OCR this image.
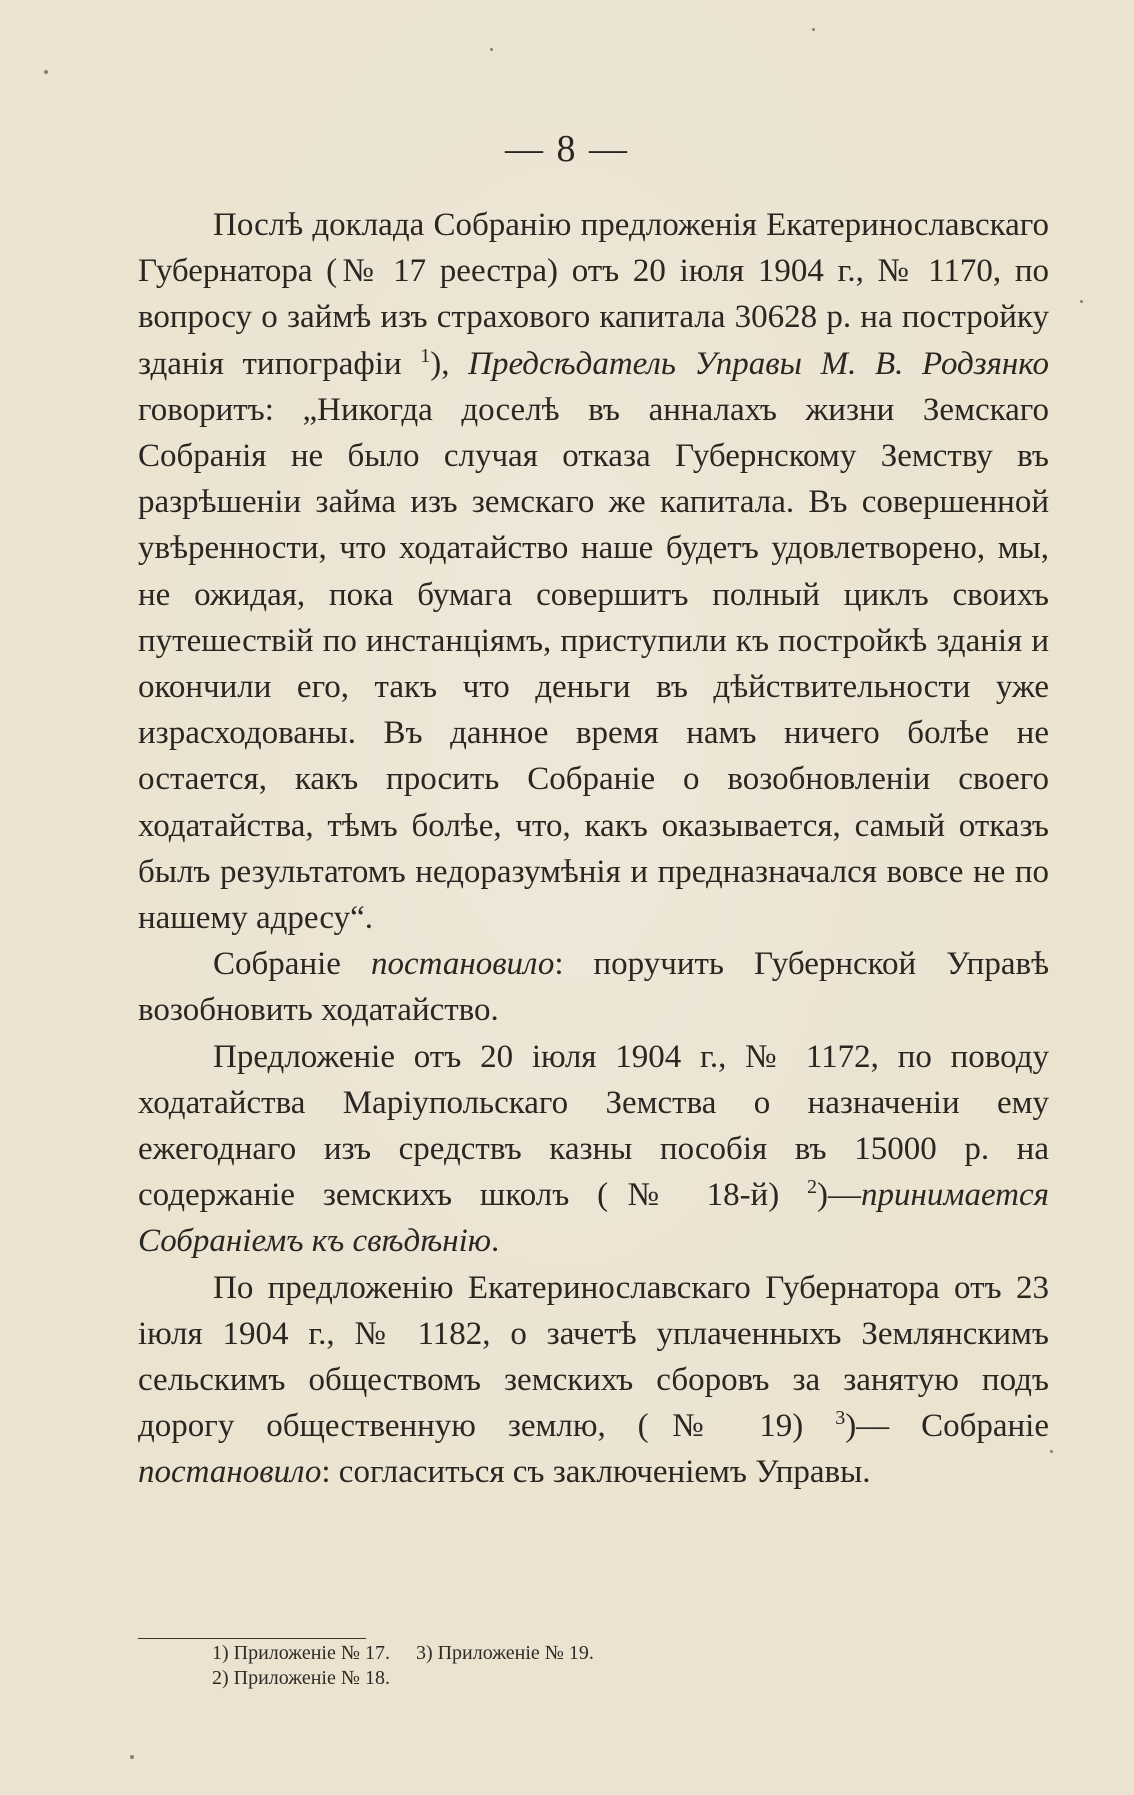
— 8 —

Послѣ доклада Собранію предложенія Екатеринославскаго Губернатора (№ 17 реестра) отъ 20 іюля 1904 г., № 1170, по вопросу о займѣ изъ страхового капитала 30628 р. на постройку зданія типографіи $^1$), Предсѣдатель Управы М. В. Родзянко говоритъ: „Никогда доселѣ въ анналахъ жизни Земскаго Собранія не было случая отказа Губернскому Земству въ разрѣшеніи займа изъ земскаго же капитала. Въ совершенной увѣренности, что ходатайство наше будетъ удовлетворено, мы, не ожидая, пока бумага совершитъ полный циклъ своихъ путешествій по инстанціямъ, приступили къ постройкѣ зданія и окончили его, такъ что деньги въ дѣйствительности уже израсходованы. Въ данное время намъ ничего болѣе не остается, какъ просить Собраніе о возобновленіи своего ходатайства, тѣмъ болѣе, что, какъ оказывается, самый отказъ былъ результатомъ недоразумѣнія и предназначался вовсе не по нашему адресу“.

Собраніе постановило: поручить Губернской Управѣ возобновить ходатайство.

Предложеніе отъ 20 іюля 1904 г., № 1172, по поводу ходатайства Маріупольскаго Земства о назначеніи ему ежегоднаго изъ средствъ казны пособія въ 15000 р. на содержаніе земскихъ школъ (№ 18-й) $^2$)—принимается Собраніемъ къ свѣдѣнію.

По предложенію Екатеринославскаго Губернатора отъ 23 іюля 1904 г., № 1182, о зачетѣ уплаченныхъ Землянскимъ сельскимъ обществомъ земскихъ сборовъ за занятую подъ дорогу общественную землю, (№ 19) $^3$)— Собраніе постановило: согласиться съ заключеніемъ Управы.

1) Приложеніе № 17. 3) Приложеніе № 19.
2) Приложеніе № 18.
